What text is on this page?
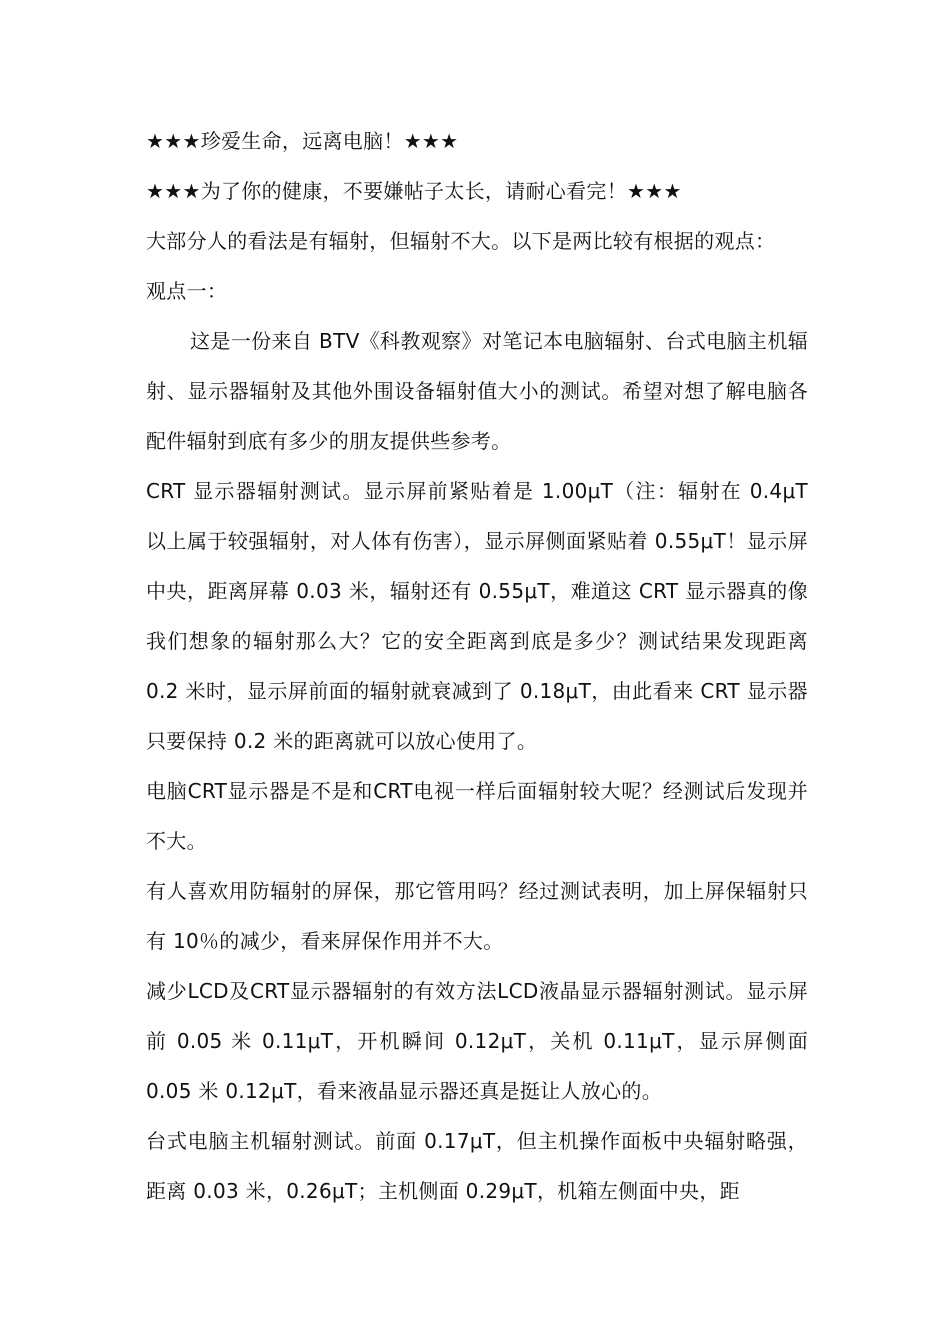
★★★珍爱生命，远离电脑！★★★

★★★为了你的健康，不要嫌帖子太长，请耐心看完！★★★

大部分人的看法是有辐射，但辐射不大。以下是两比较有根据的观点：

观点一：

这是一份来自 BTV《科教观察》对笔记本电脑辐射、台式电脑主机辐射、显示器辐射及其他外围设备辐射值大小的测试。希望对想了解电脑各配件辐射到底有多少的朋友提供些参考。

CRT 显示器辐射测试。显示屏前紧贴着是 1.00μT（注：辐射在 0.4μT 以上属于较强辐射，对人体有伤害），显示屏侧面紧贴着 0.55μT！显示屏中央，距离屏幕 0.03 米，辐射还有 0.55μT，难道这 CRT 显示器真的像我们想象的辐射那么大？它的安全距离到底是多少？测试结果发现距离 0.2 米时，显示屏前面的辐射就衰减到了 0.18μT，由此看来 CRT 显示器只要保持 0.2 米的距离就可以放心使用了。

电脑CRT显示器是不是和CRT电视一样后面辐射较大呢？经测试后发现并不大。

有人喜欢用防辐射的屏保，那它管用吗？经过测试表明，加上屏保辐射只有 10％的减少，看来屏保作用并不大。

减少LCD及CRT显示器辐射的有效方法LCD液晶显示器辐射测试。显示屏前 0.05 米 0.11μT，开机瞬间 0.12μT，关机 0.11μT，显示屏侧面 0.05 米 0.12μT，看来液晶显示器还真是挺让人放心的。

台式电脑主机辐射测试。前面 0.17μT，但主机操作面板中央辐射略强，距离 0.03 米，0.26μT；主机侧面 0.29μT，机箱左侧面中央，距
